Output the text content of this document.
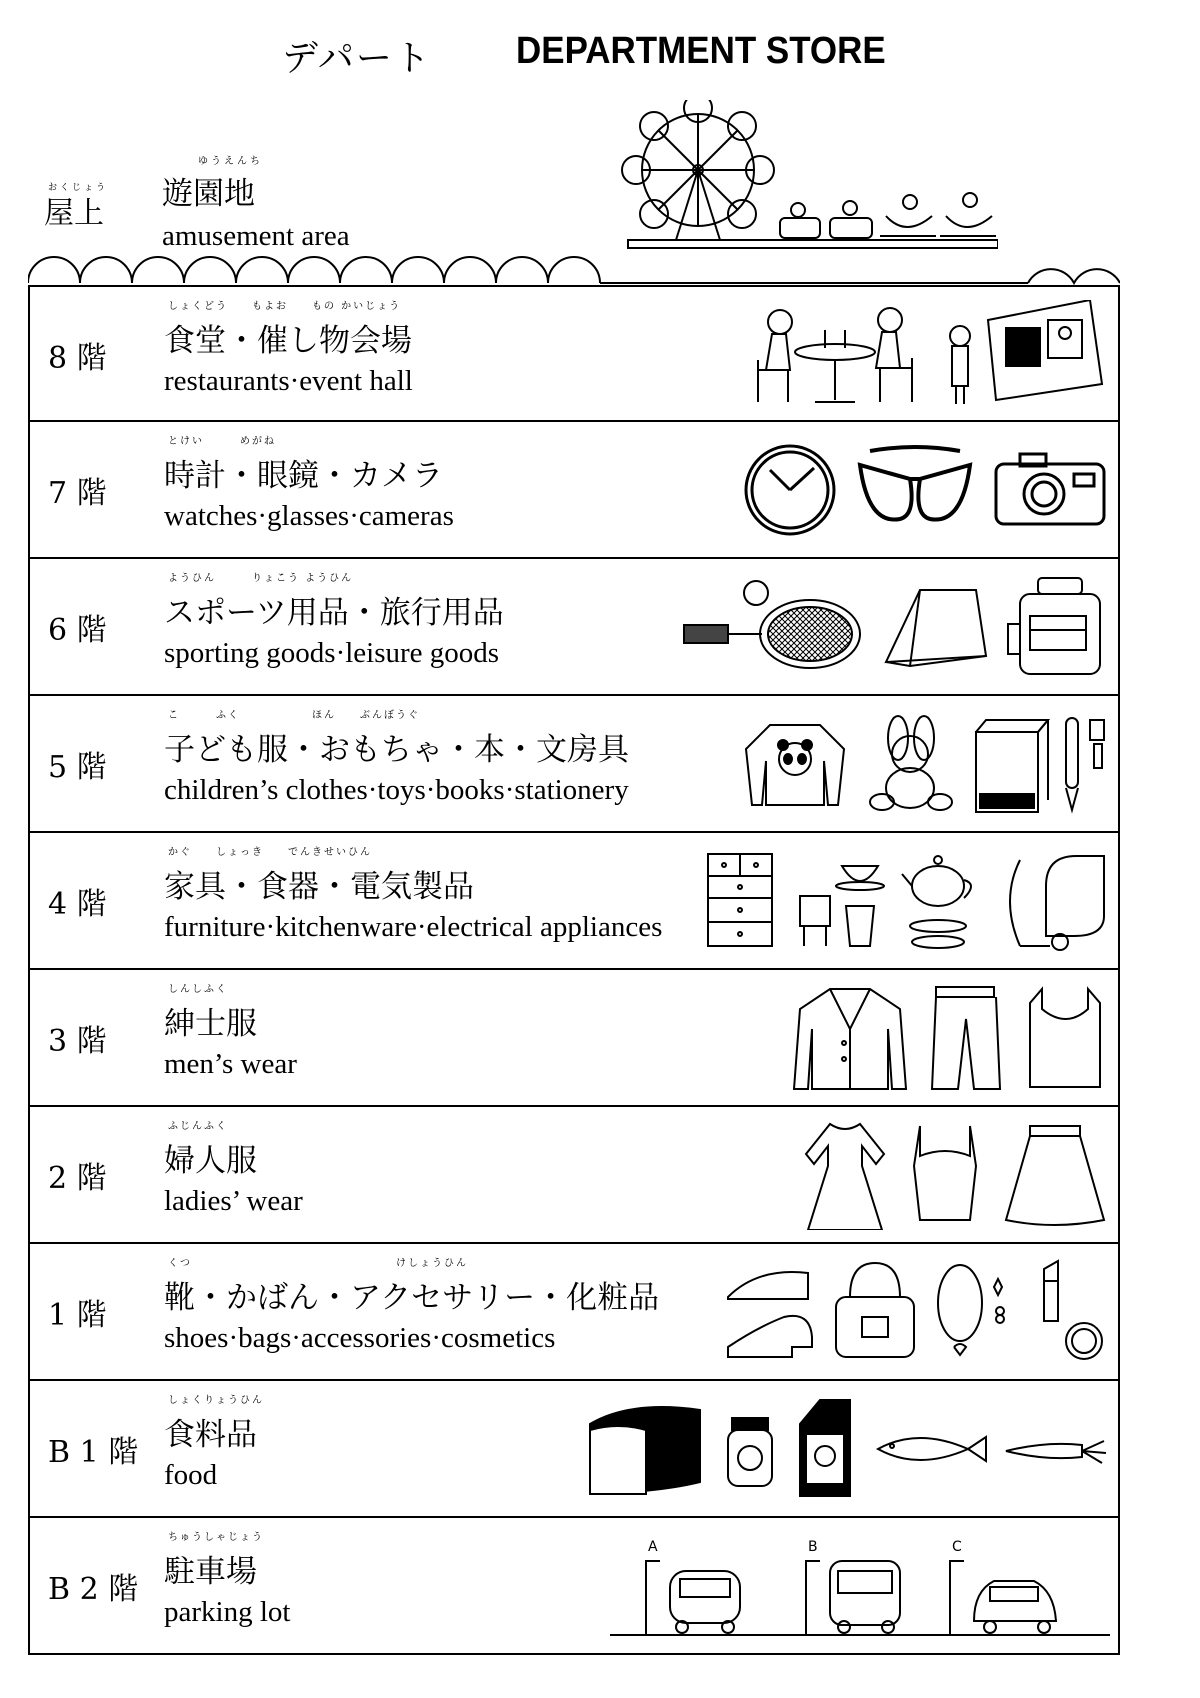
デパート DEPARTMENT STORE
おくじょう
屋上
ゆうえんち
遊園地
amusement area
8 階
しょくどう　　もよお　　もの かいじょう
食堂・催し物会場
restaurants·event hall
7 階
とけい　　　めがね
時計・眼鏡・カメラ
watches·glasses·cameras
6 階
ようひん　　　りょこう ようひん
スポーツ用品・旅行用品
sporting goods·leisure goods
5 階
こ　　　ふく　　　　　　ほん　　ぶんぼうぐ
子ども服・おもちゃ・本・文房具
children’s clothes·toys·books·stationery
4 階
かぐ　　しょっき　　でんきせいひん
家具・食器・電気製品
furniture·kitchenware·electrical appliances
3 階
しんしふく
紳士服
men’s wear
2 階
ふじんふく
婦人服
ladies’ wear
1 階
くつ　　　　　　　　　　　　　　　　　けしょうひん
靴・かばん・アクセサリー・化粧品
shoes·bags·accessories·cosmetics
B 1 階
しょくりょうひん
食料品
food
B 2 階
ちゅうしゃじょう
駐車場
parking lot
A	B	C
